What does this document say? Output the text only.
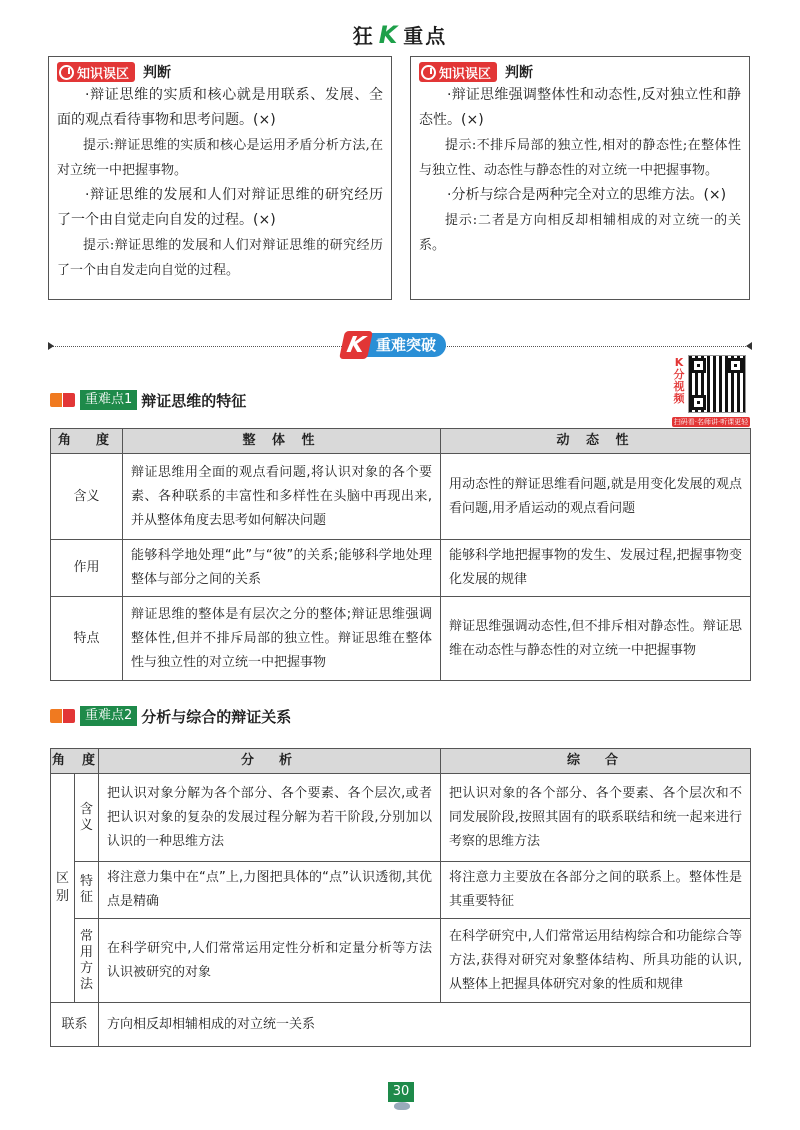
狂 K 重点
知识误区 判断

·辩证思维的实质和核心就是用联系、发展、全面的观点看待事物和思考问题。(×)

提示:辩证思维的实质和核心是运用矛盾分析方法,在对立统一中把握事物。

·辩证思维的发展和人们对辩证思维的研究经历了一个由自觉走向自发的过程。(×)

提示:辩证思维的发展和人们对辩证思维的研究经历了一个由自发走向自觉的过程。

知识误区 判断

·辩证思维强调整体性和动态性,反对独立性和静态性。(×)

提示:不排斥局部的独立性,相对的静态性;在整体性与独立性、动态性与静态性的对立统一中把握事物。

·分析与综合是两种完全对立的思维方法。(×)

提示:二者是方向相反却相辅相成的对立统一的关系。

K 重难突破
K分视频
扫码看·名师讲·听课更轻
重难点1 辩证思维的特征
角　度	整 体 性	动 态 性
含义	辩证思维用全面的观点看问题,将认识对象的各个要素、各种联系的丰富性和多样性在头脑中再现出来,并从整体角度去思考如何解决问题	用动态性的辩证思维看问题,就是用变化发展的观点看问题,用矛盾运动的观点看问题
作用	能够科学地处理“此”与“彼”的关系;能够科学地处理整体与部分之间的关系	能够科学地把握事物的发生、发展过程,把握事物变化发展的规律
特点	辩证思维的整体是有层次之分的整体;辩证思维强调整体性,但并不排斥局部的独立性。辩证思维在整体性与独立性的对立统一中把握事物	辩证思维强调动态性,但不排斥相对静态性。辩证思维在动态性与静态性的对立统一中把握事物
重难点2 分析与综合的辩证关系
角　度		分　析	综　合
区别	含义	把认识对象分解为各个部分、各个要素、各个层次,或者把认识对象的复杂的发展过程分解为若干阶段,分别加以认识的一种思维方法	把认识对象的各个部分、各个要素、各个层次和不同发展阶段,按照其固有的联系联结和统一起来进行考察的思维方法
	特征	将注意力集中在“点”上,力图把具体的“点”认识透彻,其优点是精确	将注意力主要放在各部分之间的联系上。整体性是其重要特征
	常用方法	在科学研究中,人们常常运用定性分析和定量分析等方法认识被研究的对象	在科学研究中,人们常常运用结构综合和功能综合等方法,获得对研究对象整体结构、所具功能的认识,从整体上把握具体研究对象的性质和规律
联系		方向相反却相辅相成的对立统一关系	
30
